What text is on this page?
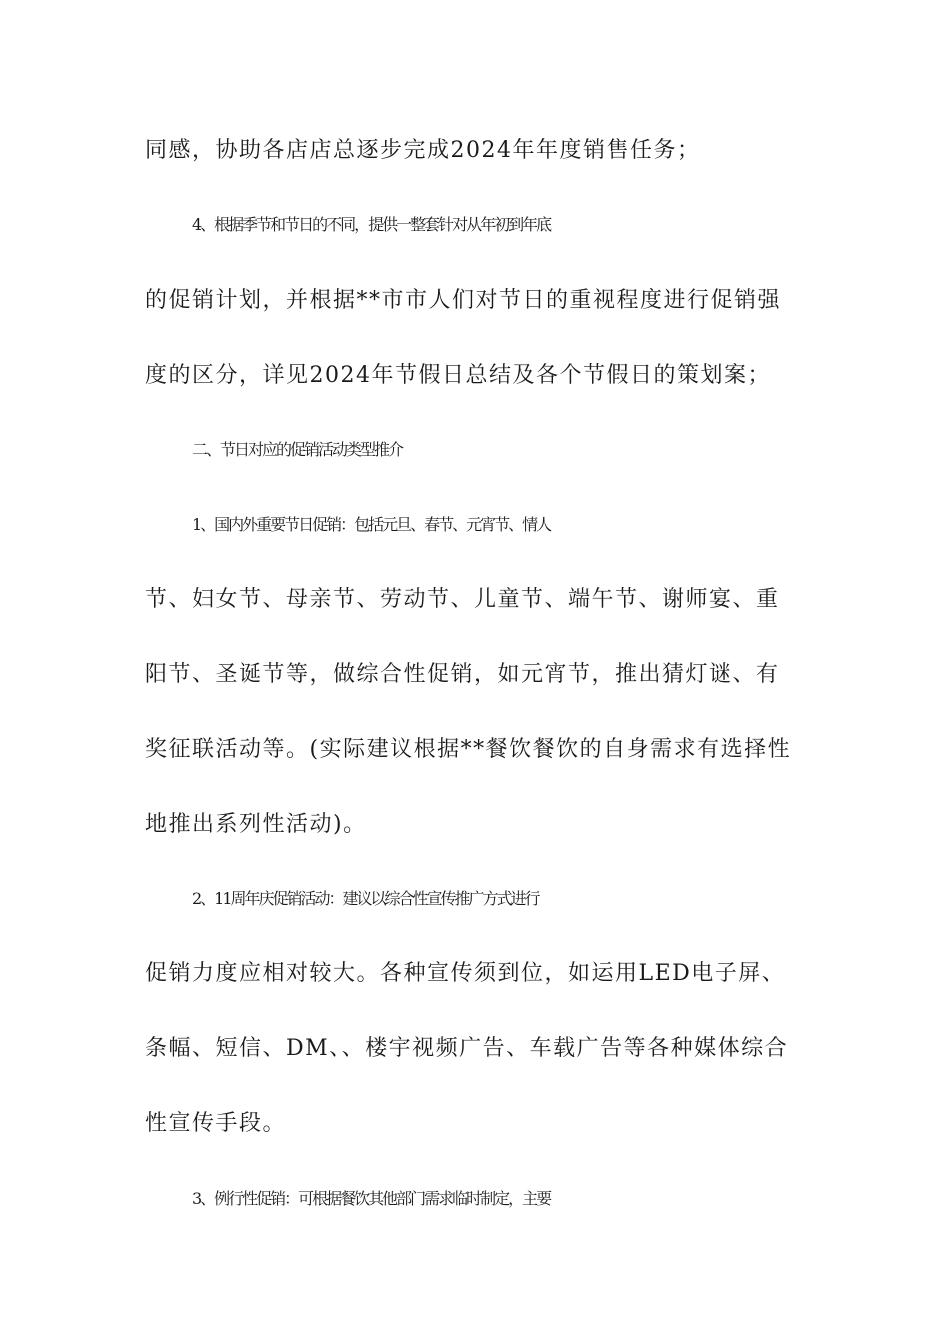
同感，协助各店店总逐步完成2024年年度销售任务；
4、根据季节和节日的不同，提供一整套针对从年初到年底
的促销计划，并根据**市市人们对节日的重视程度进行促销强
度的区分，详见2024年节假日总结及各个节假日的策划案；
二、节日对应的促销活动类型推介
1、国内外重要节日促销：包括元旦、春节、元宵节、情人
节、妇女节、母亲节、劳动节、儿童节、端午节、谢师宴、重
阳节、圣诞节等，做综合性促销，如元宵节，推出猜灯谜、有
奖征联活动等。(实际建议根据**餐饮餐饮的自身需求有选择性
地推出系列性活动)。
2、11周年庆促销活动：建议以综合性宣传推广方式进行
促销力度应相对较大。各种宣传须到位，如运用LED电子屏、
条幅、短信、DM、、楼宇视频广告、车载广告等各种媒体综合
性宣传手段。
3、例行性促销：可根据餐饮其他部门需求临时制定，主要
